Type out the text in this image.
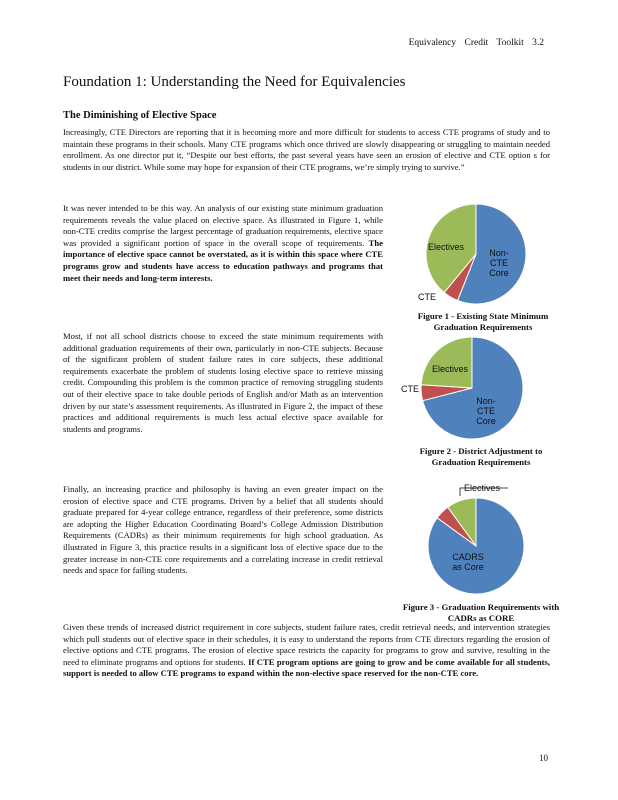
Equivalency Credit Toolkit 3.2
Foundation 1: Understanding the Need for Equivalencies
The Diminishing of Elective Space

Increasingly, CTE Directors are reporting that it is becoming more and more difficult for students to access CTE programs of study and to maintain these programs in their schools. Many CTE programs which once thrived are slowly disappearing or struggling to maintain needed enrollment. As one director put it, “Despite our best efforts, the past several years have seen an erosion of elective and CTE option s for students in our district. While some may hope for expansion of their CTE programs, we’re simply trying to survive.”

It was never intended to be this way. An analysis of our existing state minimum graduation requirements reveals the value placed on elective space. As illustrated in Figure 1, while non-CTE credits comprise the largest percentage of graduation requirements, elective space was provided a significant portion of space in the overall scope of requirements. The importance of elective space cannot be overstated, as it is within this space where CTE programs grow and students have access to education pathways and programs that meet their needs and long-term interests.

Most, if not all school districts choose to exceed the state minimum requirements with additional graduation requirements of their own, particularly in non-CTE subjects. Because of the significant problem of student failure rates in core subjects, these additional requirements exacerbate the problem of students losing elective space to retrieve missing credit. Compounding this problem is the common practice of removing struggling students out of their elective space to take double periods of English and/or Math as an intervention driven by our state’s assessment requirements. As illustrated in Figure 2, the impact of these practices and additional requirements is much less actual elective space available for students and programs.

Finally, an increasing practice and philosophy is having an even greater impact on the erosion of elective space and CTE programs. Driven by a belief that all students should graduate prepared for 4-year college entrance, regardless of their preference, some districts are adopting the Higher Education Coordinating Board’s College Admission Distribution Requirements (CADRs) as their minimum requirements for high school graduation. As illustrated in Figure 3, this practice results in a significant loss of elective space due to the greater increase in non-CTE core requirements and a correlating increase in credit retrieval needs and space for failing students.

Given these trends of increased district requirement in core subjects, student failure rates, credit retrieval needs, and intervention strategies which pull students out of elective space in their schedules, it is easy to understand the reports from CTE directors regarding the erosion of elective options and CTE programs. The erosion of elective space restricts the capacity for programs to grow and survive, resulting in the need to eliminate programs and options for students. If CTE program options are going to grow and be come available for all students, support is needed to allow CTE programs to expand within the non-elective space reserved for the non-CTE core.

Non-CTE Core
Electives
CTE
Figure 1 - Existing State Minimum Graduation Requirements
Non-CTE Core
Electives
CTE
Figure 2 - District Adjustment to Graduation Requirements
CADRS as Core
Electives
Figure 3 - Graduation Requirements with CADRs as CORE
10
